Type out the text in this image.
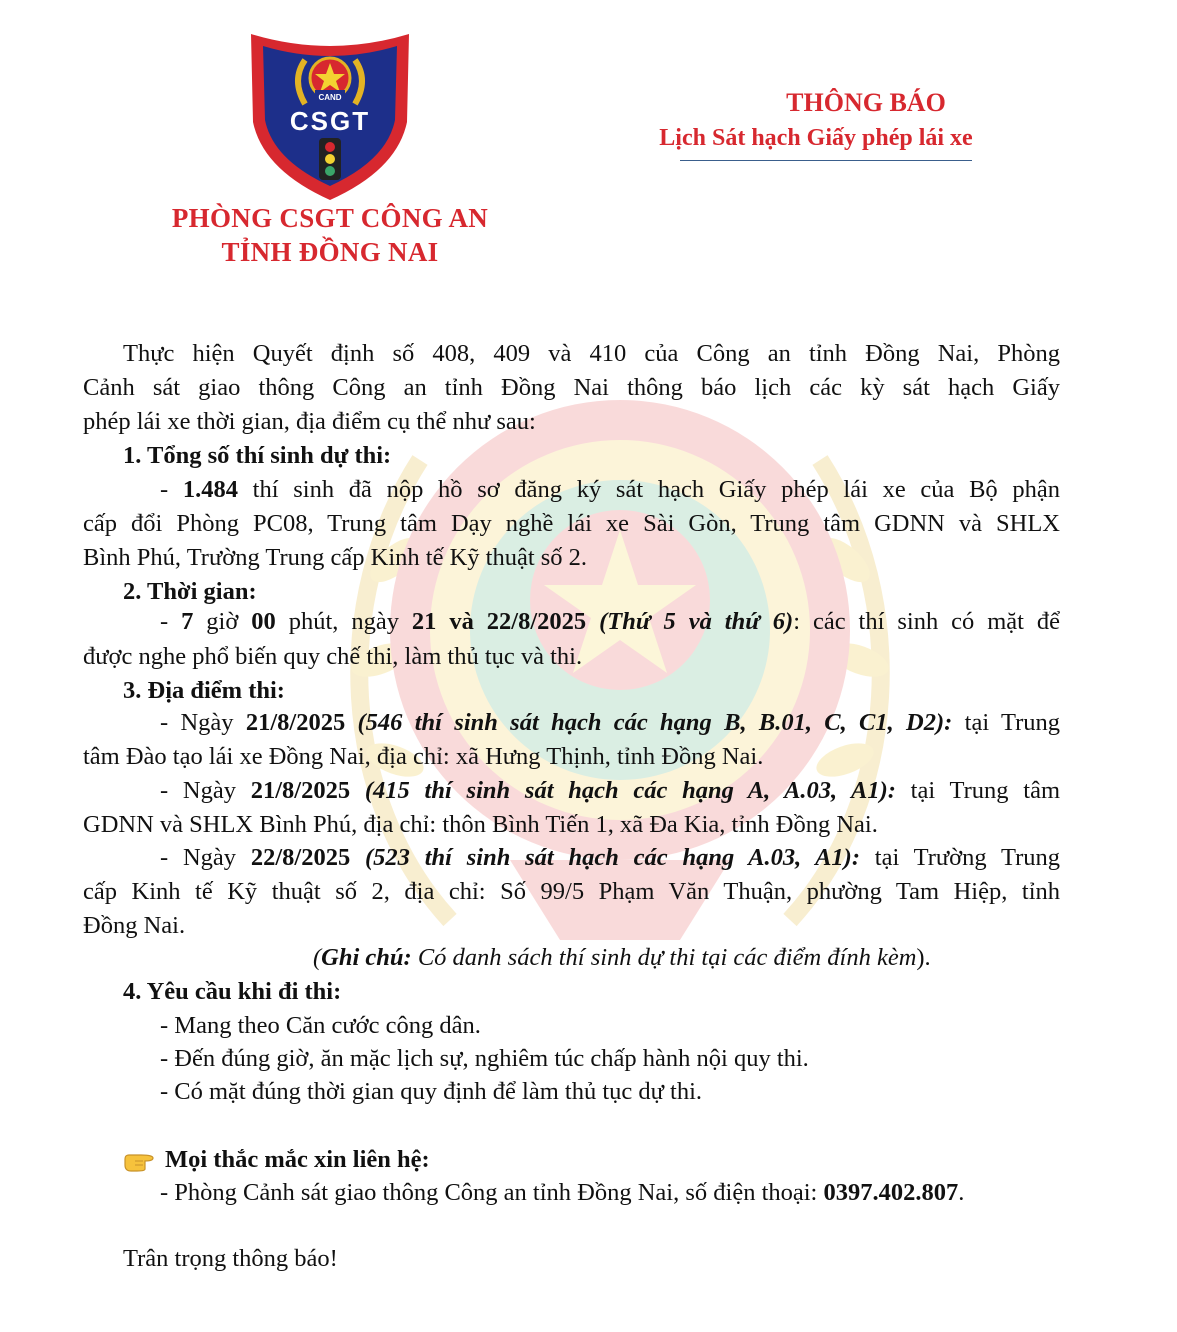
CAND
CSGT
PHÒNG CSGT CÔNG AN
TỈNH ĐỒNG NAI
THÔNG BÁO
Lịch Sát hạch Giấy phép lái xe
Thực hiện Quyết định số 408, 409 và 410 của Công an tỉnh Đồng Nai, Phòng
Cảnh sát giao thông Công an tỉnh Đồng Nai thông báo lịch các kỳ sát hạch Giấy
phép lái xe thời gian, địa điểm cụ thể như sau:
1. Tổng số thí sinh dự thi:
- 1.484 thí sinh đã nộp hồ sơ đăng ký sát hạch Giấy phép lái xe của Bộ phận
cấp đổi Phòng PC08, Trung tâm Dạy nghề lái xe Sài Gòn, Trung tâm GDNN và SHLX
Bình Phú, Trường Trung cấp Kinh tế Kỹ thuật số 2.
2. Thời gian:
- 7 giờ 00 phút, ngày 21 và 22/8/2025 (Thứ 5 và thứ 6): các thí sinh có mặt để
được nghe phổ biến quy chế thi, làm thủ tục và thi.
3. Địa điểm thi:
- Ngày 21/8/2025 (546 thí sinh sát hạch các hạng B, B.01, C, C1, D2): tại Trung
tâm Đào tạo lái xe Đồng Nai, địa chỉ: xã Hưng Thịnh, tỉnh Đồng Nai.
- Ngày 21/8/2025 (415 thí sinh sát hạch các hạng A, A.03, A1): tại Trung tâm
GDNN và SHLX Bình Phú, địa chỉ: thôn Bình Tiến 1, xã Đa Kia, tỉnh Đồng Nai.
- Ngày 22/8/2025 (523 thí sinh sát hạch các hạng A.03, A1): tại Trường Trung
cấp Kinh tế Kỹ thuật số 2, địa chỉ: Số 99/5 Phạm Văn Thuận, phường Tam Hiệp, tỉnh
Đồng Nai.
(Ghi chú: Có danh sách thí sinh dự thi tại các điểm đính kèm).
4. Yêu cầu khi đi thi:
- Mang theo Căn cước công dân.
- Đến đúng giờ, ăn mặc lịch sự, nghiêm túc chấp hành nội quy thi.
- Có mặt đúng thời gian quy định để làm thủ tục dự thi.
Mọi thắc mắc xin liên hệ:
- Phòng Cảnh sát giao thông Công an tỉnh Đồng Nai, số điện thoại: 0397.402.807.
Trân trọng thông báo!
